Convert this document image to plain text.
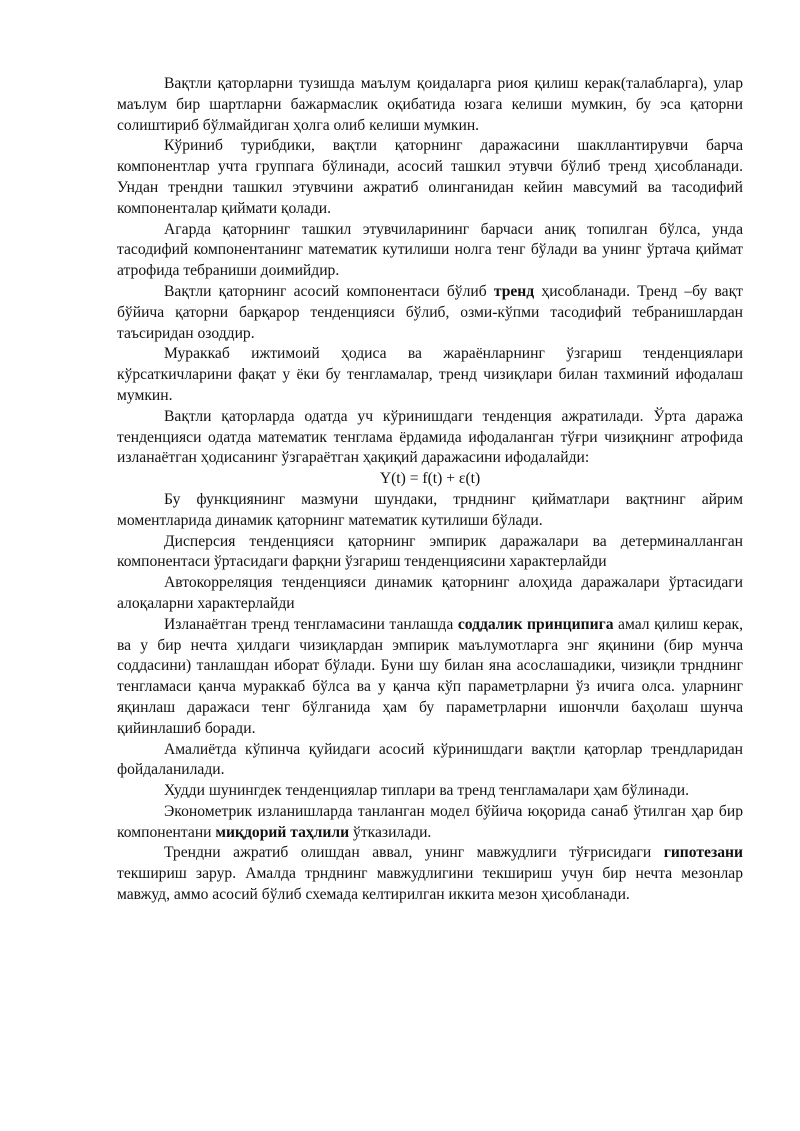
Вақтли қаторларни тузишда маълум қоидаларга риоя қилиш керак(талабларга), улар маълум бир шартларни бажармаслик оқибатида юзага келиши мумкин, бу эса қаторни солиштириб бўлмайдиган ҳолга олиб келиши мумкин.

Кўриниб турибдики, вақтли қаторнинг даражасини шакллантирувчи барча компонентлар учта группага бўлинади, асосий ташкил этувчи бўлиб тренд ҳисобланади. Ундан трендни ташкил этувчини ажратиб олинганидан кейин мавсумий ва тасодифий компоненталар қиймати қолади.

Агарда қаторнинг ташкил этувчиларининг барчаси аниқ топилган бўлса, унда тасодифий компонентанинг математик кутилиши нолга тенг бўлади ва унинг ўртача қиймат атрофида тебраниши доимийдир.

Вақтли қаторнинг асосий компонентаси бўлиб тренд ҳисобланади. Тренд –бу вақт бўйича қаторни барқарор тенденцияси бўлиб, озми-кўпми тасодифий тебранишлардан таъсиридан озоддир.

Мураккаб ижтимоий ҳодиса ва жараёнларнинг ўзгариш тенденциялари кўрсаткичларини фақат у ёки бу тенгламалар, тренд чизиқлари билан тахминий ифодалаш мумкин.

Вақтли қаторларда одатда уч кўринишдаги тенденция ажратилади. Ўрта даража тенденцияси одатда математик тенглама ёрдамида ифодаланган тўғри чизиқнинг атрофида изланаётган ҳодисанинг ўзгараётган ҳақиқий даражасини ифодалайди:

Y(t) = f(t) + ε(t)

Бу функциянинг мазмуни шундаки, трнднинг қийматлари вақтнинг айрим моментларида динамик қаторнинг математик кутилиши бўлади.

Дисперсия тенденцияси қаторнинг эмпирик даражалари ва детерминалланган компонентаси ўртасидаги фарқни ўзгариш тенденциясини характерлайди

Автокорреляция тенденцияси динамик қаторнинг алоҳида даражалари ўртасидаги алоқаларни характерлайди

Изланаётган тренд тенгламасини танлашда соддалик принципига амал қилиш керак, ва у бир нечта ҳилдаги чизиқлардан эмпирик маълумотларга энг яқинини (бир мунча соддасини) танлашдан иборат бўлади. Буни шу билан яна асослашадики, чизиқли трнднинг тенгламаси қанча мураккаб бўлса ва у қанча кўп параметрларни ўз ичига олса. уларнинг яқинлаш даражаси тенг бўлганида ҳам бу параметрларни ишончли баҳолаш шунча қийинлашиб боради.

Амалиётда кўпинча қуйидаги асосий кўринишдаги вақтли қаторлар трендларидан фойдаланилади.

Худди шунингдек тенденциялар типлари ва тренд тенгламалари ҳам бўлинади.

Эконометрик изланишларда танланган модел бўйича юқорида санаб ўтилган ҳар бир компонентани миқдорий таҳлили ўтказилади.

Трендни ажратиб олишдан аввал, унинг мавжудлиги тўғрисидаги гипотезани текшириш зарур. Амалда трнднинг мавжудлигини текшириш учун бир нечта мезонлар мавжуд, аммо асосий бўлиб схемада келтирилган иккита мезон ҳисобланади.
